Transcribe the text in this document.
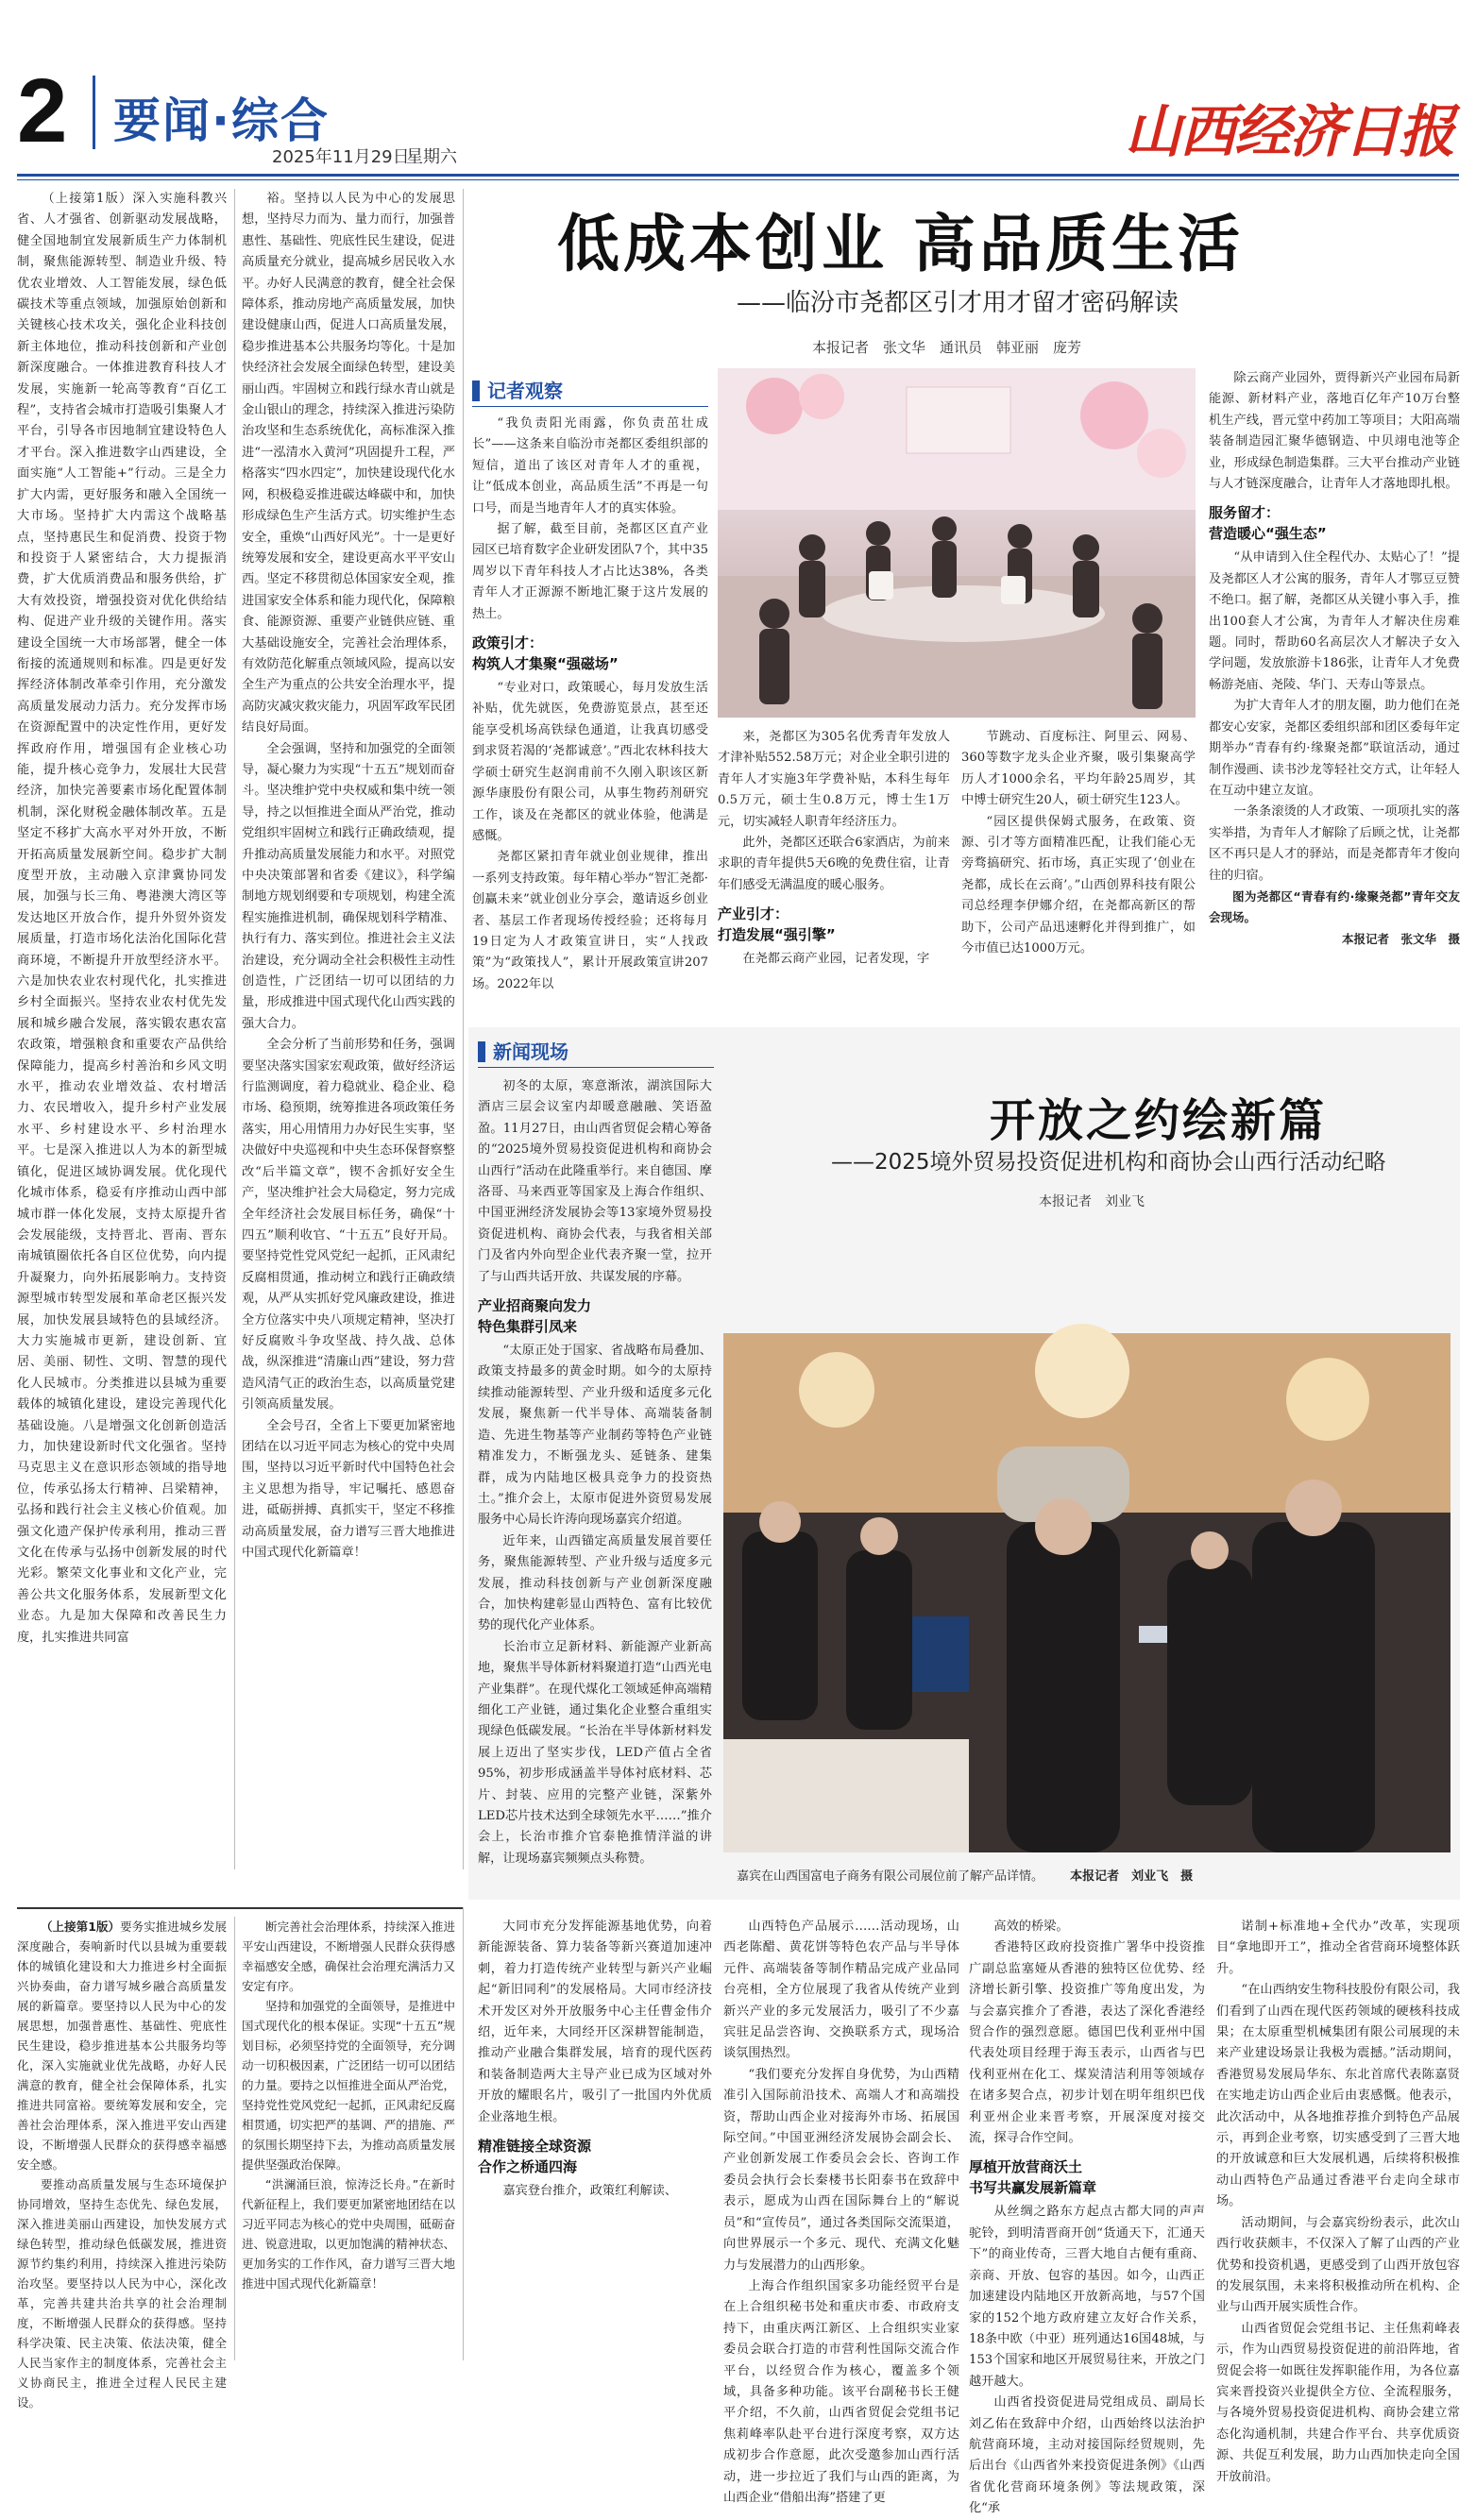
2 要闻·综合
2025年11月29日
星期六	山西经济日报

（上接第1版）深入实施科教兴省、人才强省、创新驱动发展战略，健全国地制宜发展新质生产力体制机制，聚焦能源转型、制造业升级、特优农业增效、人工智能发展，绿色低碳技术等重点领域，加强原始创新和关键核心技术攻关，强化企业科技创新主体地位，推动科技创新和产业创新深度融合。一体推进教育科技人才发展，实施新一轮高等教育“百亿工程”，支持省会城市打造吸引集聚人才平台，引导各市因地制宜建设特色人才平台。深入推进数字山西建设，全面实施“人工智能+”行动。三是全力扩大内需，更好服务和融入全国统一大市场。坚持扩大内需这个战略基点，坚持惠民生和促消费、投资于物和投资于人紧密结合，大力提振消费，扩大优质消费品和服务供给，扩大有效投资，增强投资对优化供给结构、促进产业升级的关键作用。落实建设全国统一大市场部署，健全一体衔接的流通规则和标准。四是更好发挥经济体制改革牵引作用，充分激发高质量发展动力活力。充分发挥市场在资源配置中的决定性作用，更好发挥政府作用，增强国有企业核心功能，提升核心竞争力，发展壮大民营经济，加快完善要素市场化配置体制机制，深化财税金融体制改革。五是坚定不移扩大高水平对外开放，不断开拓高质量发展新空间。稳步扩大制度型开放，主动融入京津冀协同发展，加强与长三角、粤港澳大湾区等发达地区开放合作，提升外贸外资发展质量，打造市场化法治化国际化营商环境，不断提升开放型经济水平。六是加快农业农村现代化，扎实推进乡村全面振兴。坚持农业农村优先发展和城乡融合发展，落实锻农惠农富农政策，增强粮食和重要农产品供给保障能力，提高乡村善治和乡风文明水平，推动农业增效益、农村增活力、农民增收入，提升乡村产业发展水平、乡村建设水平、乡村治理水平。七是深入推进以人为本的新型城镇化，促进区域协调发展。优化现代化城市体系，稳妥有序推动山西中部城市群一体化发展，支持太原提升省会发展能级，支持晋北、晋南、晋东南城镇圈依托各自区位优势，向内提升凝聚力，向外拓展影响力。支持资源型城市转型发展和革命老区振兴发展，加快发展县域特色的县域经济。大力实施城市更新，建设创新、宜居、美丽、韧性、文明、智慧的现代化人民城市。分类推进以县城为重要载体的城镇化建设，建设完善现代化基础设施。八是增强文化创新创造活力，加快建设新时代文化强省。坚持马克思主义在意识形态领域的指导地位，传承弘扬太行精神、吕梁精神，弘扬和践行社会主义核心价值观。加强文化遗产保护传承利用，推动三晋文化在传承与弘扬中创新发展的时代光彩。繁荣文化事业和文化产业，完善公共文化服务体系，发展新型文化业态。九是加大保障和改善民生力度，扎实推进共同富

裕。坚持以人民为中心的发展思想，坚持尽力而为、量力而行，加强普惠性、基础性、兜底性民生建设，促进高质量充分就业，提高城乡居民收入水平。办好人民满意的教育，健全社会保障体系，推动房地产高质量发展，加快建设健康山西，促进人口高质量发展，稳步推进基本公共服务均等化。十是加快经济社会发展全面绿色转型，建设美丽山西。牢固树立和践行绿水青山就是金山银山的理念，持续深入推进污染防治攻坚和生态系统优化，高标准深入推进“一泓清水入黄河”巩固提升工程，严格落实“四水四定”，加快建设现代化水网，积极稳妥推进碳达峰碳中和，加快形成绿色生产生活方式。切实维护生态安全，重焕“山西好风光”。十一是更好统筹发展和安全，建设更高水平平安山西。坚定不移贯彻总体国家安全观，推进国家安全体系和能力现代化，保障粮食、能源资源、重要产业链供应链、重大基础设施安全，完善社会治理体系，有效防范化解重点领域风险，提高以安全生产为重点的公共安全治理水平，提高防灾减灾救灾能力，巩固军政军民团结良好局面。

全会强调，坚持和加强党的全面领导，凝心聚力为实现“十五五”规划而奋斗。坚决维护党中央权威和集中统一领导，持之以恒推进全面从严治党，推动党组织牢固树立和践行正确政绩观，提升推动高质量发展能力和水平。对照党中央决策部署和省委《建议》，科学编制地方规划纲要和专项规划，构建全流程实施推进机制，确保规划科学精准、执行有力、落实到位。推进社会主义法治建设，充分调动全社会积极性主动性创造性，广泛团结一切可以团结的力量，形成推进中国式现代化山西实践的强大合力。

全会分析了当前形势和任务，强调要坚决落实国家宏观政策，做好经济运行监测调度，着力稳就业、稳企业、稳市场、稳预期，统筹推进各项政策任务落实，用心用情用力办好民生实事，坚决做好中央巡视和中央生态环保督察整改“后半篇文章”，锲不舍抓好安全生产，坚决维护社会大局稳定，努力完成全年经济社会发展目标任务，确保“十四五”顺利收官、“十五五”良好开局。要坚持党性党风党纪一起抓，正风肃纪反腐相贯通，推动树立和践行正确政绩观，从严从实抓好党风廉政建设，推进全方位落实中央八项规定精神，坚决打好反腐败斗争攻坚战、持久战、总体战，纵深推进“清廉山西”建设，努力营造风清气正的政治生态，以高质量党建引领高质量发展。

全会号召，全省上下要更加紧密地团结在以习近平同志为核心的党中央周围，坚持以习近平新时代中国特色社会主义思想为指导，牢记嘱托、感恩奋进，砥砺拼搏、真抓实干，坚定不移推动高质量发展，奋力谱写三晋大地推进中国式现代化新篇章！

低成本创业 高品质生活
——临汾市尧都区引才用才留才密码解读
本报记者　张文华　通讯员　韩亚丽　庞芳
记者观察

“我负责阳光雨露，你负责茁壮成长”——这条来自临汾市尧都区委组织部的短信，道出了该区对青年人才的重视，让“低成本创业，高品质生活”不再是一句口号，而是当地青年人才的真实体验。

据了解，截至目前，尧都区区直产业园区已培育数字企业研发团队7个，其中35周岁以下青年科技人才占比达38%，各类青年人才正源源不断地汇聚于这片发展的热土。

政策引才：
构筑人才集聚“强磁场”

“专业对口，政策暖心，每月发放生活补贴，优先就医，免费游览景点，甚至还能享受机场高铁绿色通道，让我真切感受到求贤若渴的‘尧都诚意’。”西北农林科技大学硕士研究生赵润甫前不久刚入职该区新源华康股份有限公司，从事生物药剂研究工作，谈及在尧都区的就业体验，他满是感慨。

尧都区紧扣青年就业创业规律，推出一系列支持政策。每年精心举办“智汇尧都·创赢未来”就业创业分享会，邀请返乡创业者、基层工作者现场传授经验；还将每月19日定为人才政策宣讲日，实“人找政策”为“政策找人”，累计开展政策宣讲207场。2022年以

来，尧都区为305名优秀青年发放人才津补贴552.58万元；对企业全职引进的青年人才实施3年学费补贴，本科生每年0.5万元，硕士生0.8万元，博士生1万元，切实减轻人职青年经济压力。

此外，尧都区还联合6家酒店，为前来求职的青年提供5天6晚的免费住宿，让青年们感受无满温度的暖心服务。

产业引才：
打造发展“强引擎”

在尧都云商产业园，记者发现，字

节跳动、百度标注、阿里云、网易、360等数字龙头企业齐聚，吸引集聚高学历人才1000余名，平均年龄25周岁，其中博士研究生20人，硕士研究生123人。

“园区提供保姆式服务，在政策、资源、引才等方面精准匹配，让我们能心无旁骛搞研究、拓市场，真正实现了‘创业在尧都，成长在云商’。”山西创界科技有限公司总经理李伊娜介绍，在尧都高新区的帮助下，公司产品迅速孵化并得到推广，如今市值已达1000万元。

除云商产业园外，贾得新兴产业园布局新能源、新材料产业，落地百亿年产10万台整机生产线，晋元堂中药加工等项目；大阳高端装备制造园汇聚华德钢造、中贝翊电池等企业，形成绿色制造集群。三大平台推动产业链与人才链深度融合，让青年人才落地即扎根。

服务留才：
营造暖心“强生态”

“从申请到入住全程代办、太贴心了！”提及尧都区人才公寓的服务，青年人才鄂豆豆赞不绝口。据了解，尧都区从关键小事入手，推出100套人才公寓，为青年人才解决住房难题。同时，帮助60名高层次人才解决子女入学问题，发放旅游卡186张，让青年人才免费畅游尧庙、尧陵、华门、天寿山等景点。

为扩大青年人才的朋友圈，助力他们在尧都安心安家，尧都区委组织部和团区委每年定期举办“青春有约·缘聚尧都”联谊活动，通过制作漫画、读书沙龙等轻社交方式，让年轻人在互动中建立友谊。

一条条滚烫的人才政策、一项项扎实的落实举措，为青年人才解除了后顾之忧，让尧都区不再只是人才的驿站，而是尧都青年才俊向往的归宿。

图为尧都区“青春有约·缘聚尧都”青年交友会现场。

本报记者　张文华　摄

开放之约绘新篇
——2025境外贸易投资促进机构和商协会山西行活动纪略
本报记者　刘业飞
新闻现场

初冬的太原，寒意渐浓，湖滨国际大酒店三层会议室内却暖意融融、笑语盈盈。11月27日，由山西省贸促会精心筹备的“2025境外贸易投资促进机构和商协会山西行”活动在此隆重举行。来自德国、摩洛哥、马来西亚等国家及上海合作组织、中国亚洲经济发展协会等13家境外贸易投资促进机构、商协会代表，与我省相关部门及省内外向型企业代表齐聚一堂，拉开了与山西共话开放、共谋发展的序幕。

产业招商聚向发力
特色集群引凤来

“太原正处于国家、省战略布局叠加、政策支持最多的黄金时期。如今的太原持续推动能源转型、产业升级和适度多元化发展，聚焦新一代半导体、高端装备制造、先进生物基等产业制药等特色产业链精准发力，不断强龙头、延链条、建集群，成为内陆地区极具竞争力的投资热土。”推介会上，太原市促进外资贸易发展服务中心局长许涛向现场嘉宾介绍道。

近年来，山西锚定高质量发展首要任务，聚焦能源转型、产业升级与适度多元发展，推动科技创新与产业创新深度融合，加快构建彰显山西特色、富有比较优势的现代化产业体系。

长治市立足新材料、新能源产业新高地，聚焦半导体新材料聚道打造“山西光电产业集群”。在现代煤化工领域延伸高端精细化工产业链，通过集化企业整合重组实现绿色低碳发展。“长治在半导体新材料发展上迈出了坚实步伐，LED产值占全省95%，初步形成涵盖半导体衬底材料、芯片、封装、应用的完整产业链，深紫外LED芯片技术达到全球领先水平……”推介会上，长治市推介官泰艳推情洋溢的讲解，让现场嘉宾频频点头称赞。

嘉宾在山西国富电子商务有限公司展位前了解产品详情。 本报记者　刘业飞　摄

（上接第1版）要务实推进城乡发展深度融合，奏响新时代以县城为重要载体的城镇化建设和大力推进乡村全面振兴协奏曲，奋力谱写城乡融合高质量发展的新篇章。要坚持以人民为中心的发展思想，加强普惠性、基础性、兜底性民生建设，稳步推进基本公共服务均等化，深入实施就业优先战略，办好人民满意的教育，健全社会保障体系，扎实推进共同富裕。要统筹发展和安全，完善社会治理体系，深入推进平安山西建设，不断增强人民群众的获得感幸福感安全感。

要推动高质量发展与生态环境保护协同增效，坚持生态优先、绿色发展，深入推进美丽山西建设，加快发展方式绿色转型，推动绿色低碳发展，推进资源节约集约利用，持续深入推进污染防治攻坚。要坚持以人民为中心，深化改革，完善共建共治共享的社会治理制度，不断增强人民群众的获得感。坚持科学决策、民主决策、依法决策，健全人民当家作主的制度体系，完善社会主义协商民主，推进全过程人民民主建设。

断完善社会治理体系，持续深入推进平安山西建设，不断增强人民群众获得感幸福感安全感，确保社会治理充满活力又安定有序。

坚持和加强党的全面领导，是推进中国式现代化的根本保证。实现“十五五”规划目标，必须坚持党的全面领导，充分调动一切积极因素，广泛团结一切可以团结的力量。要持之以恒推进全面从严治党，坚持党性党风党纪一起抓，正风肃纪反腐相贯通，切实把严的基调、严的措施、严的氛围长期坚持下去，为推动高质量发展提供坚强政治保障。

“洪澜涌巨浪，惊涛泛长舟。”在新时代新征程上，我们要更加紧密地团结在以习近平同志为核心的党中央周围，砥砺奋进、锐意进取，以更加饱满的精神状态、更加务实的工作作风，奋力谱写三晋大地推进中国式现代化新篇章！

大同市充分发挥能源基地优势，向着新能源装备、算力装备等新兴赛道加速冲刺，着力打造传统产业转型与新兴产业崛起“新旧同利”的发展格局。大同市经济技术开发区对外开放服务中心主任曹金伟介绍，近年来，大同经开区深耕智能制造，推动产业融合集群发展，培育的现代医药和装备制造两大主导产业已成为区域对外开放的耀眼名片，吸引了一批国内外优质企业落地生根。

精准链接全球资源
合作之桥通四海

嘉宾登台推介，政策红利解读、

山西特色产品展示……活动现场，山西老陈醋、黄花饼等特色农产品与半导体元件、高端装备等制作精品完成产业品同台亮相，全方位展现了我省从传统产业到新兴产业的多元发展活力，吸引了不少嘉宾驻足品尝咨询、交换联系方式，现场洽谈氛围热烈。

“我们要充分发挥自身优势，为山西精准引入国际前沿技术、高端人才和高端投资，帮助山西企业对接海外市场、拓展国际空间。”中国亚洲经济发展协会副会长、产业创新发展工作委员会会长、咨询工作委员会执行会长秦楼书长阳泰书在致辞中表示，愿成为山西在国际舞台上的“解说员”和“宣传员”，通过各类国际交流渠道，向世界展示一个多元、现代、充满文化魅力与发展潜力的山西形象。

上海合作组织国家多功能经贸平台是在上合组织秘书处和重庆市委、市政府支持下，由重庆两江新区、上合组织实业家委员会联合打造的市营利性国际交流合作平台，以经贸合作为核心，覆盖多个领域，具备多种功能。该平台副秘书长王健平介绍，不久前，山西省贸促会党组书记焦莉峰率队赴平台进行深度考察，双方达成初步合作意愿，此次受邀参加山西行活动，进一步拉近了我们与山西的距离，为山西企业“借船出海”搭建了更

高效的桥梁。

香港特区政府投资推广署华中投资推广副总监塞娅从香港的独特区位优势、经济增长新引擎、投资推广等角度出发，为与会嘉宾推介了香港，表达了深化香港经贸合作的强烈意愿。德国巴伐利亚州中国代表处项目经理于海玉表示，山西省与巴伐利亚州在化工、煤炭清洁利用等领域存在诸多契合点，初步计划在明年组织巴伐利亚州企业来晋考察，开展深度对接交流，探寻合作空间。

厚植开放营商沃土
书写共赢发展新篇章

从丝绸之路东方起点古都大同的声声驼铃，到明清晋商开创“货通天下，汇通天下”的商业传奇，三晋大地自古便有重商、亲商、开放、包容的基因。如今，山西正加速建设内陆地区开放新高地，与57个国家的152个地方政府建立友好合作关系，18条中欧（中亚）班列通达16国48城，与153个国家和地区开展贸易往来，开放之门越开越大。

山西省投资促进局党组成员、副局长刘乙佑在致辞中介绍，山西始终以法治护航营商环境，主动对接国际经贸规则，先后出台《山西省外来投资促进条例》《山西省优化营商环境条例》等法规政策，深化“承

诺制+标准地+全代办”改革，实现项目“拿地即开工”，推动全省营商环境整体跃升。

“在山西纳安生物科技股份有限公司，我们看到了山西在现代医药领域的硬核科技成果；在太原重型机械集团有限公司展现的未来产业建设场景让我极为震撼。”活动期间，香港贸易发展局华东、东北首席代表陈嘉贤在实地走访山西企业后由衷感慨。他表示，此次活动中，从各地推荐推介到特色产品展示，再到企业考察，切实感受到了三晋大地的开放诚意和巨大发展机遇，后续将积极推动山西特色产品通过香港平台走向全球市场。

活动期间，与会嘉宾纷纷表示，此次山西行收获颇丰，不仅深入了解了山西的产业优势和投资机遇，更感受到了山西开放包容的发展氛围，未来将积极推动所在机构、企业与山西开展实质性合作。

山西省贸促会党组书记、主任焦莉峰表示，作为山西贸易投资促进的前沿阵地，省贸促会将一如既往发挥职能作用，为各位嘉宾来晋投资兴业提供全方位、全流程服务，与各境外贸易投资促进机构、商协会建立常态化沟通机制，共建合作平台、共享优质资源、共促互利发展，助力山西加快走向全国开放前沿。
